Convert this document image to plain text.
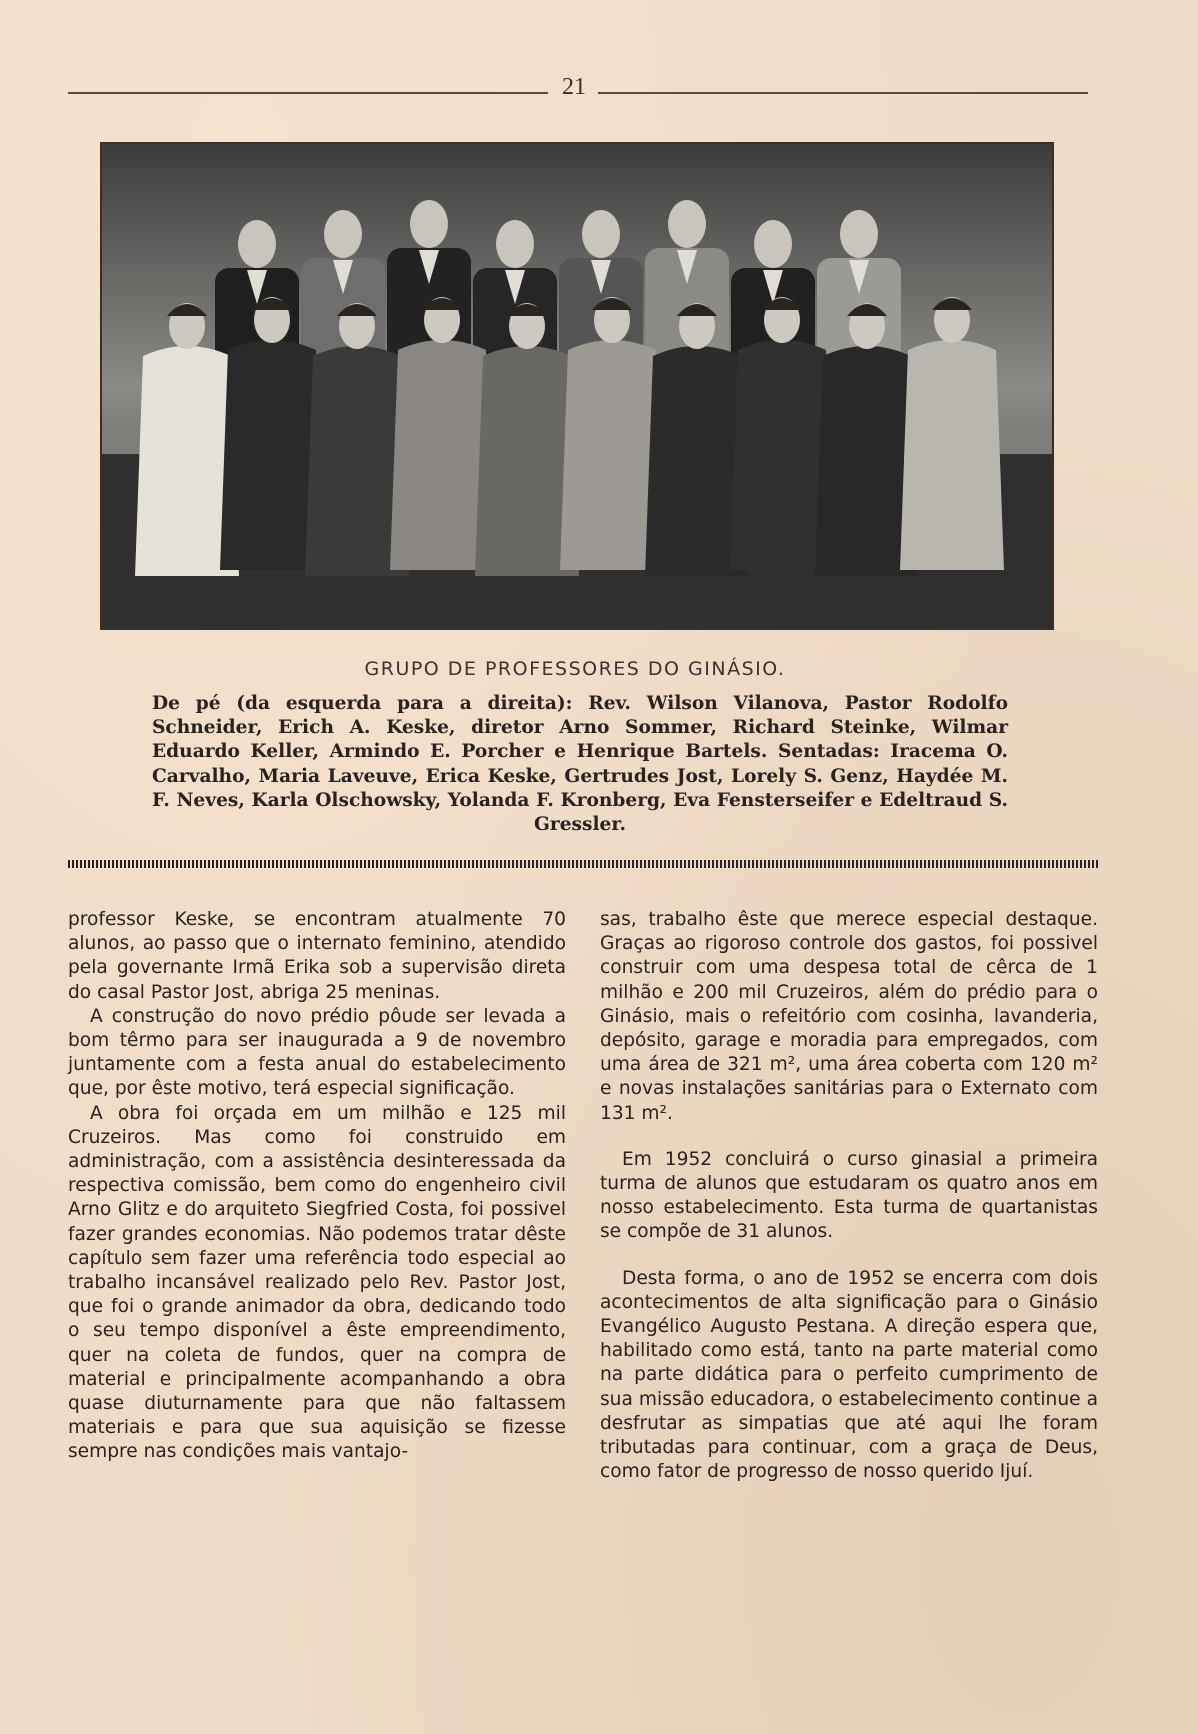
21
GRUPO DE PROFESSORES DO GINÁSIO.
De pé (da esquerda para a direita): Rev. Wilson Vilanova, Pastor Rodolfo Schneider, Erich A. Keske, diretor Arno Sommer, Richard Steinke, Wilmar Eduardo Keller, Armindo E. Porcher e Henrique Bartels. Sentadas: Iracema O. Carvalho, Maria Laveuve, Erica Keske, Gertrudes Jost, Lorely S. Genz, Haydée M. F. Neves, Karla Olschowsky, Yolanda F. Kronberg, Eva Fensterseifer e Edeltraud S. Gressler.

professor Keske, se encontram atualmente 70 alunos, ao passo que o internato feminino, atendido pela governante Irmã Erika sob a supervisão direta do casal Pastor Jost, abriga 25 meninas.

A construção do novo prédio pôude ser levada a bom têrmo para ser inaugurada a 9 de novembro juntamente com a festa anual do estabelecimento que, por êste motivo, terá especial significação.

A obra foi orçada em um milhão e 125 mil Cruzeiros. Mas como foi construido em administração, com a assistência desinteressada da respectiva comissão, bem como do engenheiro civil Arno Glitz e do arquiteto Siegfried Costa, foi possivel fazer grandes economias. Não podemos tratar dêste capítulo sem fazer uma referência todo especial ao trabalho incansável realizado pelo Rev. Pastor Jost, que foi o grande animador da obra, dedicando todo o seu tempo disponível a êste empreendimento, quer na coleta de fundos, quer na compra de material e principalmente acompanhando a obra quase diuturnamente para que não faltassem materiais e para que sua aquisição se fizesse sempre nas condições mais vantajo-

sas, trabalho êste que merece especial destaque. Graças ao rigoroso controle dos gastos, foi possivel construir com uma despesa total de cêrca de 1 milhão e 200 mil Cruzeiros, além do prédio para o Ginásio, mais o refeitório com cosinha, lavanderia, depósito, garage e moradia para empregados, com uma área de 321 m², uma área coberta com 120 m² e novas instalações sanitárias para o Externato com 131 m².

Em 1952 concluirá o curso ginasial a primeira turma de alunos que estudaram os quatro anos em nosso estabelecimento. Esta turma de quartanistas se compõe de 31 alunos.

Desta forma, o ano de 1952 se encerra com dois acontecimentos de alta significação para o Ginásio Evangélico Augusto Pestana. A direção espera que, habilitado como está, tanto na parte material como na parte didática para o perfeito cumprimento de sua missão educadora, o estabelecimento continue a desfrutar as simpatias que até aqui lhe foram tributadas para continuar, com a graça de Deus, como fator de progresso de nosso querido Ijuí.
